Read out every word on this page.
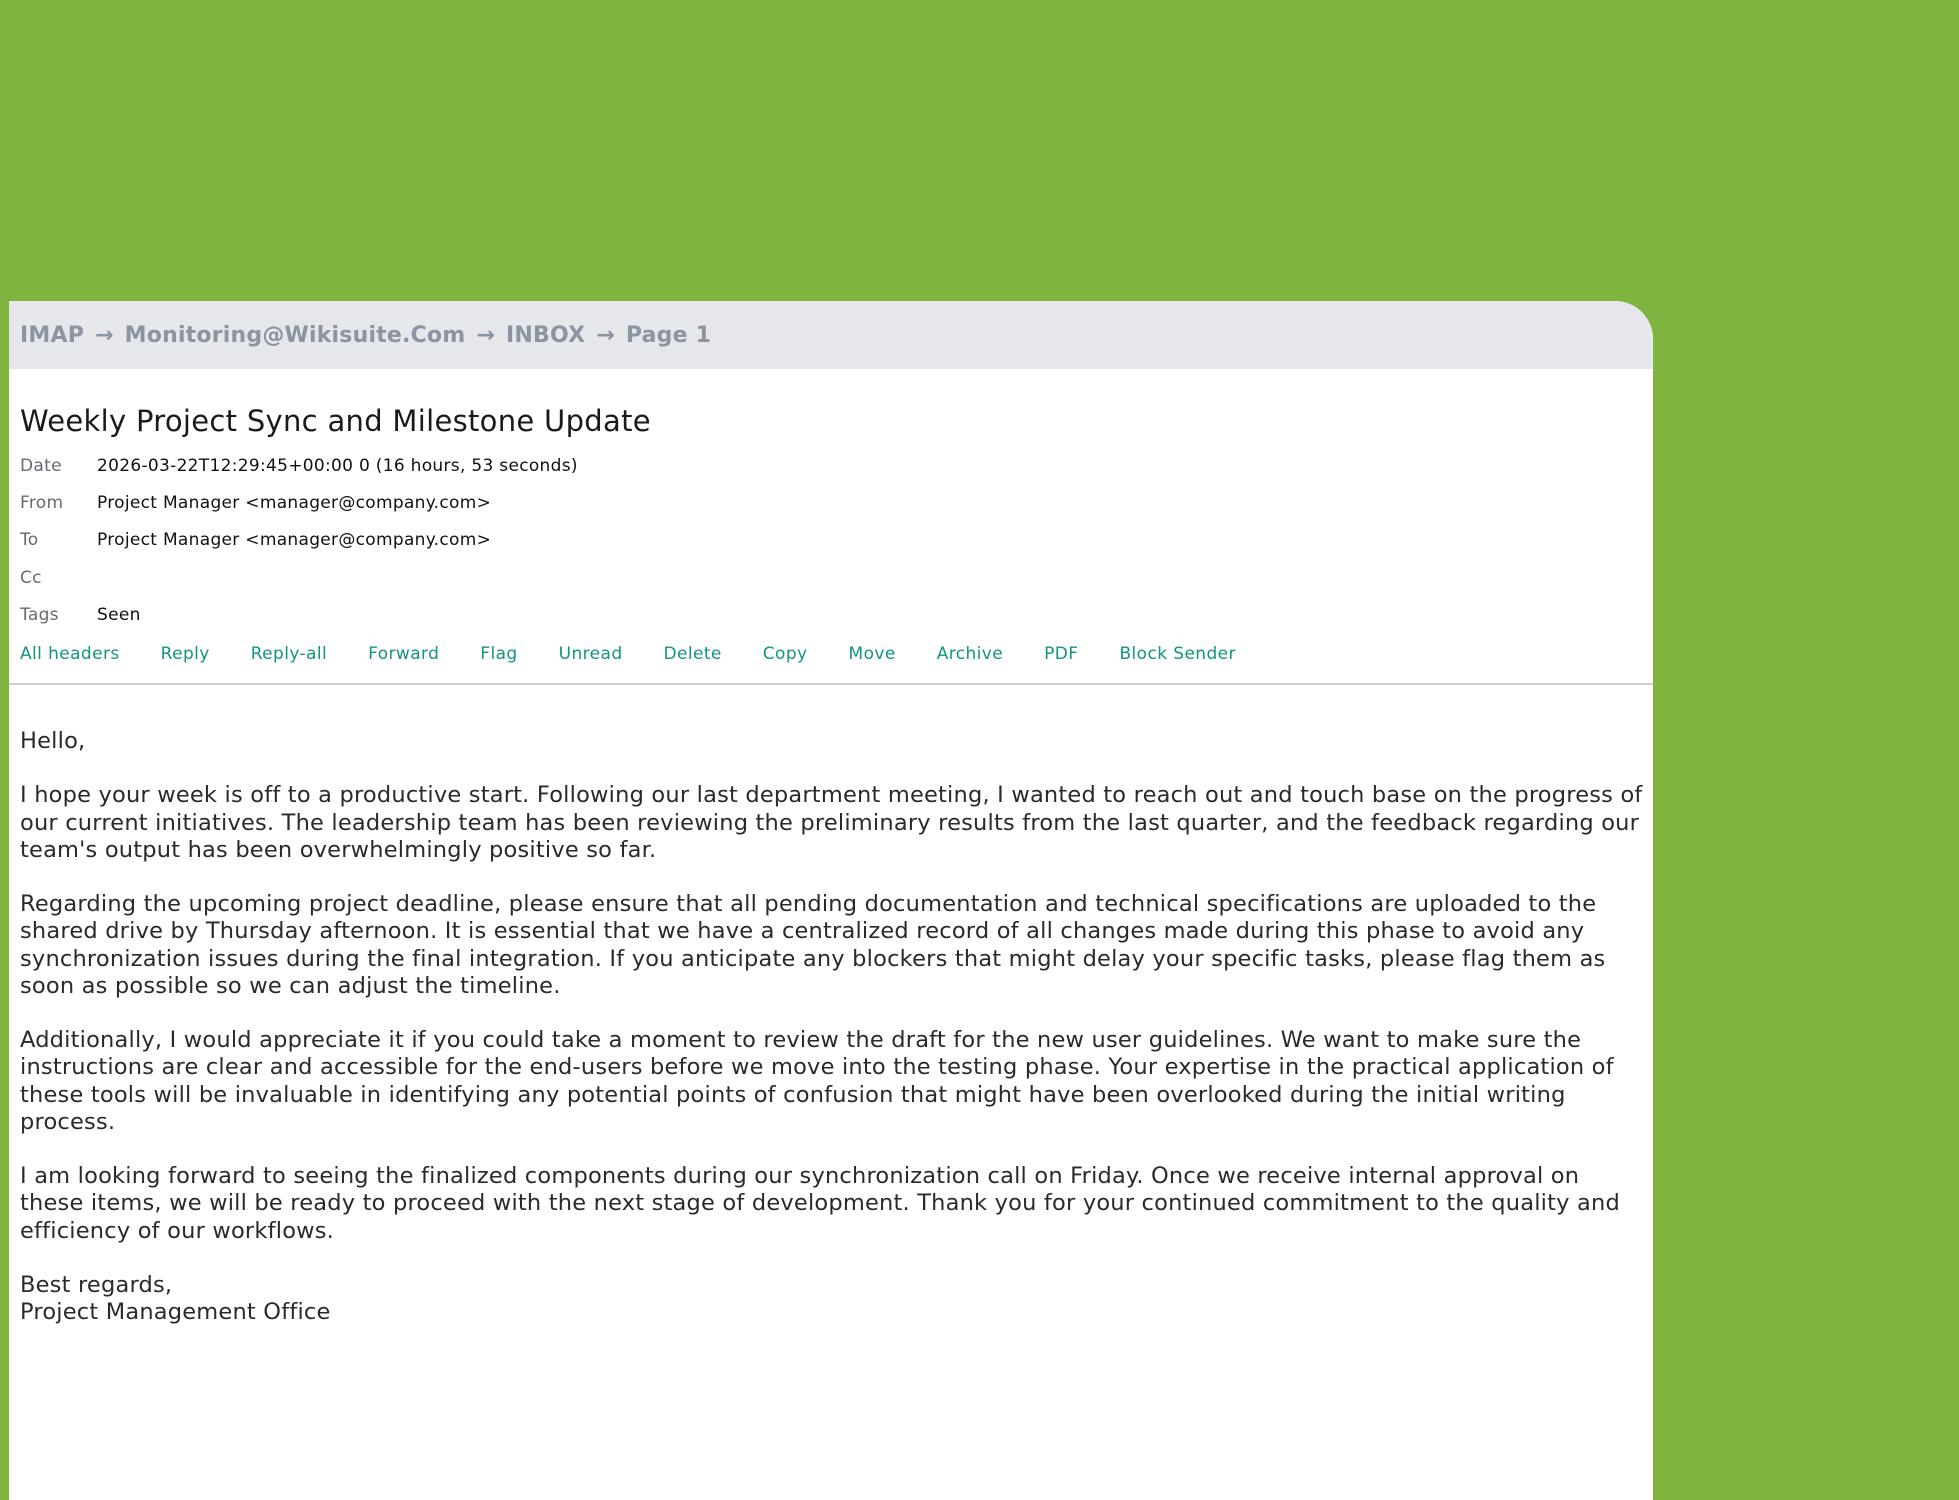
IMAP → Monitoring@Wikisuite.Com → INBOX → Page 1
Weekly Project Sync and Milestone Update
Date 2026-03-22T12:29:45+00:00 0 (16 hours, 53 seconds)
From Project Manager <manager@company.com>
To	Project Manager <manager@company.com>
Cc
Tags Seen
All headers Reply Reply-all Forward Flag Unread Delete Copy Move Archive PDF Block Sender

Hello,

I hope your week is off to a productive start. Following our last department meeting, I wanted to reach out and touch base on the progress of our current initiatives. The leadership team has been reviewing the preliminary results from the last quarter, and the feedback regarding our team's output has been overwhelmingly positive so far.

Regarding the upcoming project deadline, please ensure that all pending documentation and technical specifications are uploaded to the shared drive by Thursday afternoon. It is essential that we have a centralized record of all changes made during this phase to avoid any synchronization issues during the final integration. If you anticipate any blockers that might delay your specific tasks, please flag them as soon as possible so we can adjust the timeline.

Additionally, I would appreciate it if you could take a moment to review the draft for the new user guidelines. We want to make sure the instructions are clear and accessible for the end-users before we move into the testing phase. Your expertise in the practical application of these tools will be invaluable in identifying any potential points of confusion that might have been overlooked during the initial writing process.

I am looking forward to seeing the finalized components during our synchronization call on Friday. Once we receive internal approval on these items, we will be ready to proceed with the next stage of development. Thank you for your continued commitment to the quality and efficiency of our workflows.

Best regards,

Project Management Office
